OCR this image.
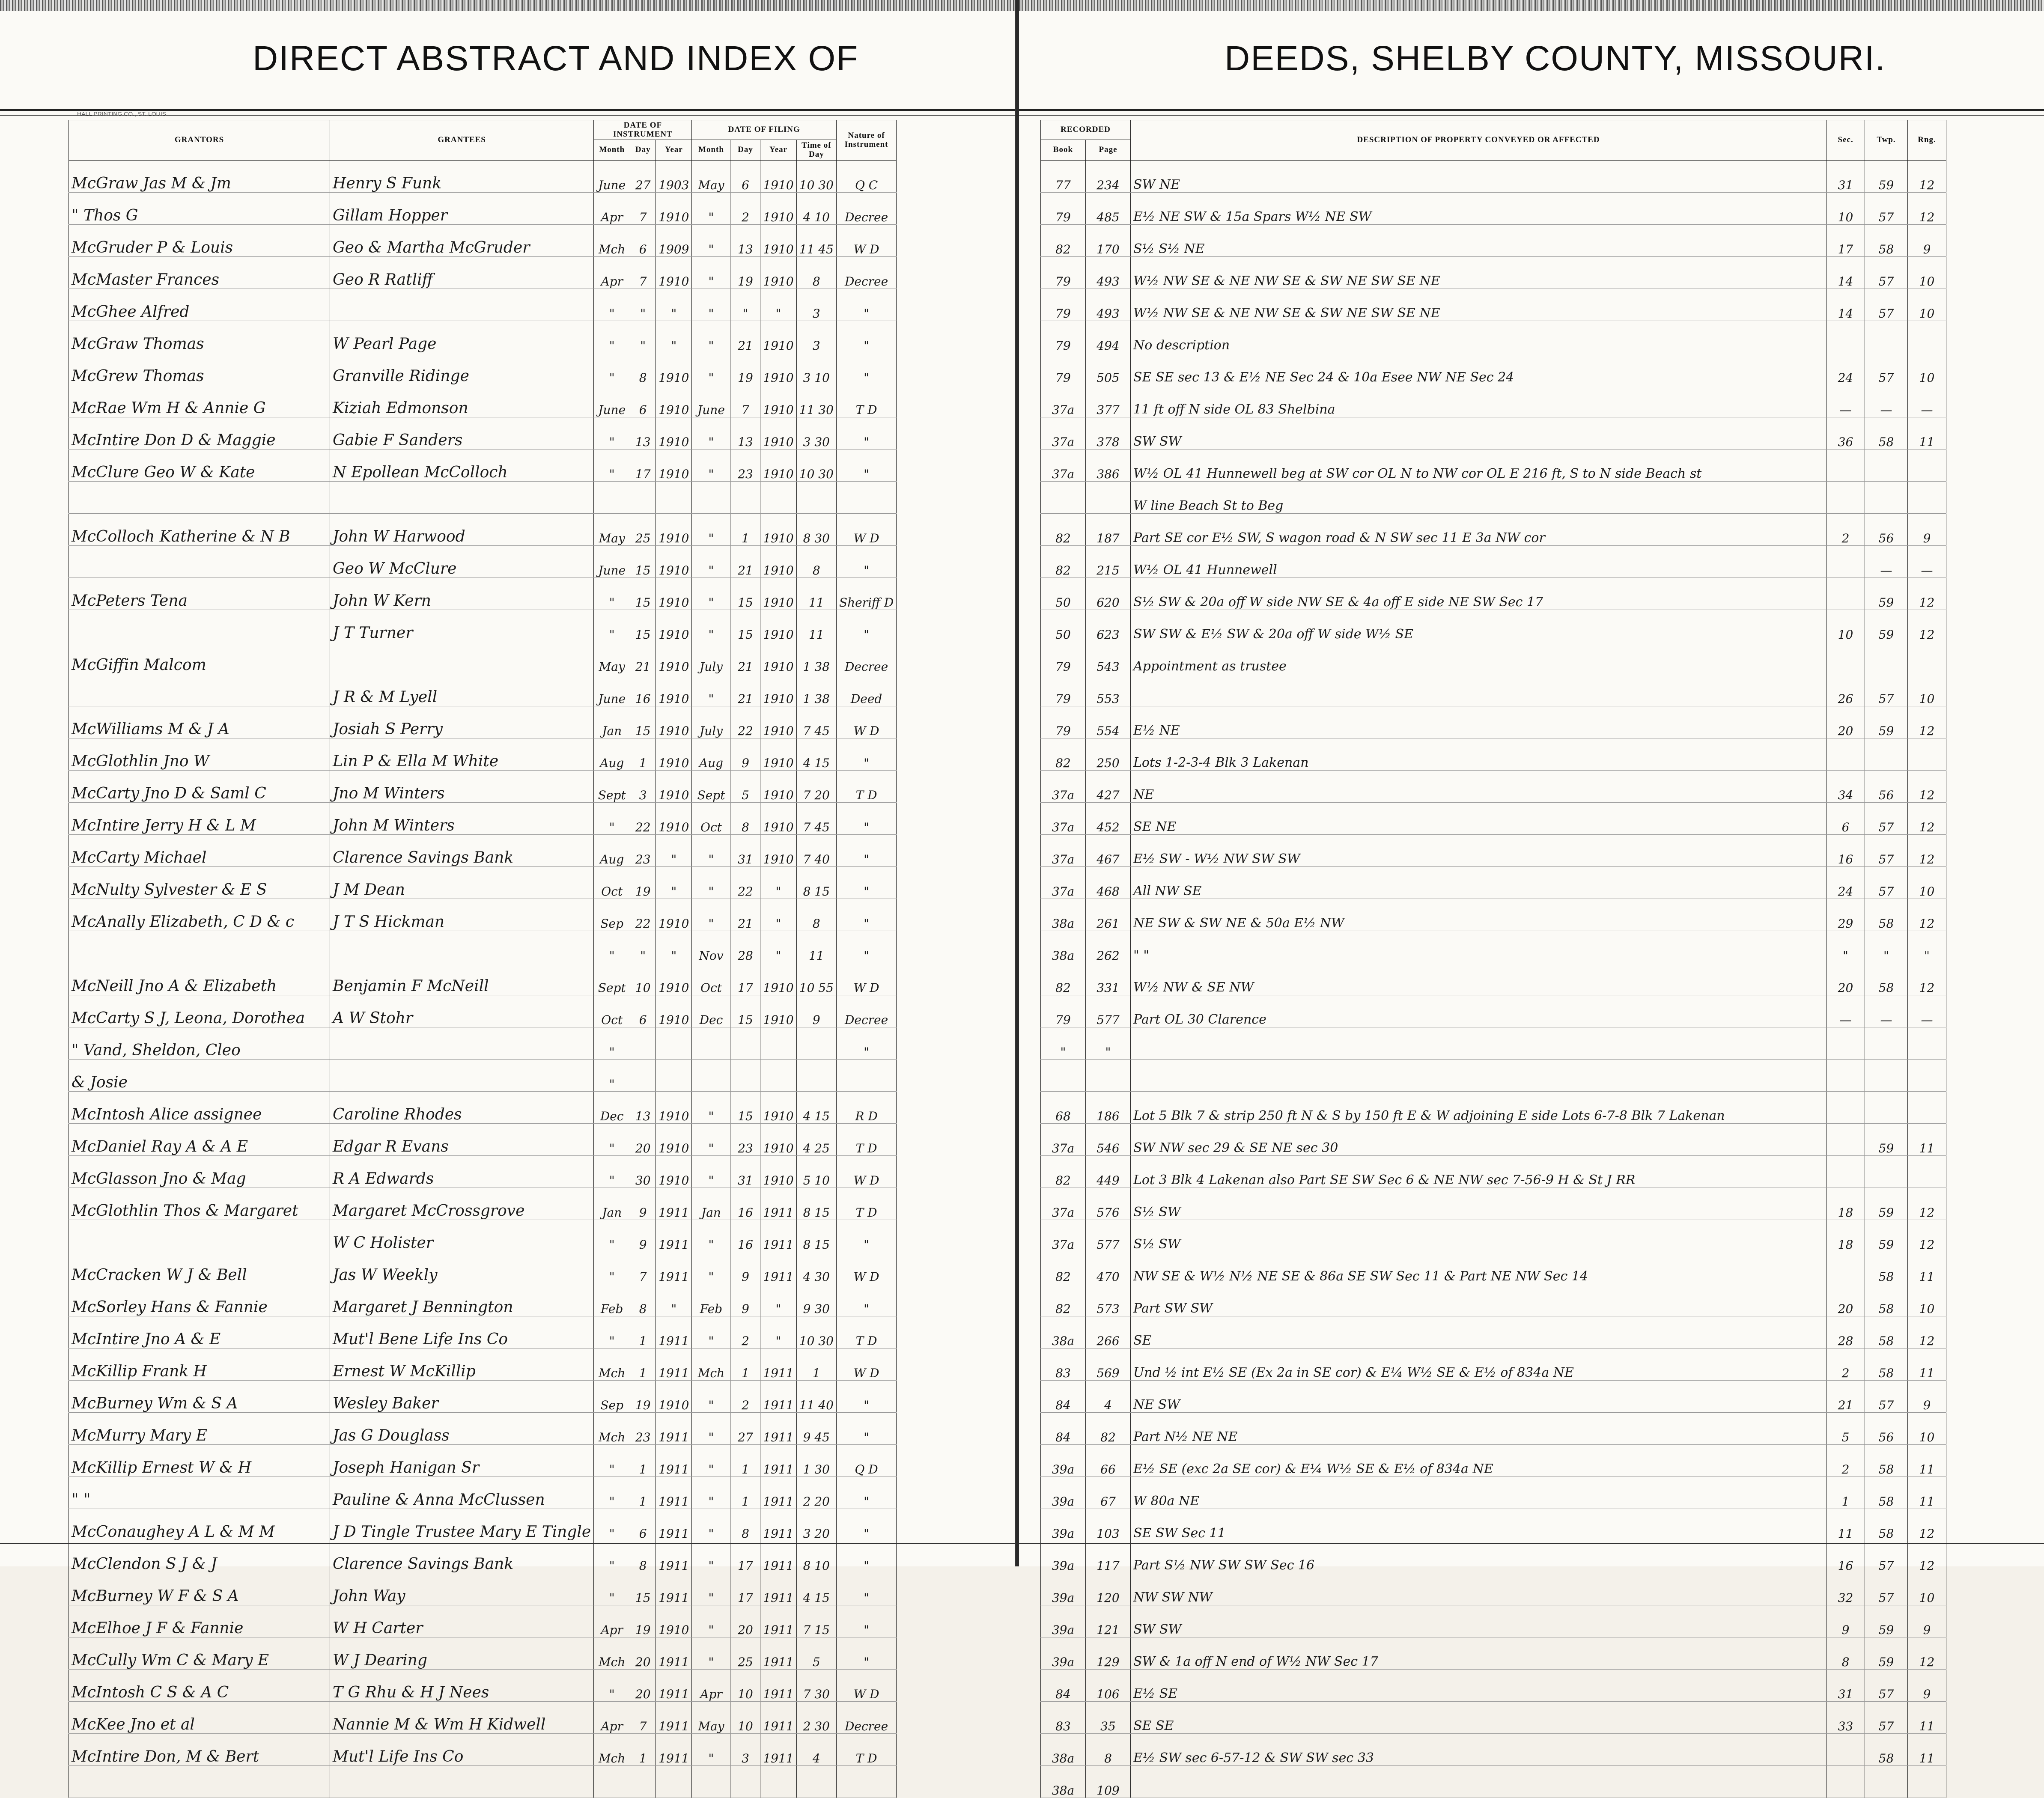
DIRECT ABSTRACT AND INDEX OF
HALL PRINTING CO., ST. LOUIS
GRANTORS	GRANTEES	DATE OF INSTRUMENT			DATE OF FILING				Nature of Instrument
		Month	Day	Year	Month	Day	Year	Time of Day	
McGraw Jas M & Jm	Henry S Funk	June	27	1903	May	6	1910	10 30	Q C
" Thos G	Gillam Hopper	Apr	7	1910	"	2	1910	4 10	Decree
McGruder P & Louis	Geo & Martha McGruder	Mch	6	1909	"	13	1910	11 45	W D
McMaster Frances	Geo R Ratliff	Apr	7	1910	"	19	1910	8	Decree
McGhee Alfred		"	"	"	"	"	"	3	"
McGraw Thomas	W Pearl Page	"	"	"	"	21	1910	3	"
McGrew Thomas	Granville Ridinge	"	8	1910	"	19	1910	3 10	"
McRae Wm H & Annie G	Kiziah Edmonson	June	6	1910	June	7	1910	11 30	T D
McIntire Don D & Maggie	Gabie F Sanders	"	13	1910	"	13	1910	3 30	"
McClure Geo W & Kate	N Epollean McColloch	"	17	1910	"	23	1910	10 30	"

McColloch Katherine & N B	John W Harwood	May	25	1910	"	1	1910	8 30	W D
	Geo W McClure	June	15	1910	"	21	1910	8	"
McPeters Tena	John W Kern	"	15	1910	"	15	1910	11	Sheriff D
	J T Turner	"	15	1910	"	15	1910	11	"
McGiffin Malcom		May	21	1910	July	21	1910	1 38	Decree
	J R & M Lyell	June	16	1910	"	21	1910	1 38	Deed
McWilliams M & J A	Josiah S Perry	Jan	15	1910	July	22	1910	7 45	W D
McGlothlin Jno W	Lin P & Ella M White	Aug	1	1910	Aug	9	1910	4 15	"
McCarty Jno D & Saml C	Jno M Winters	Sept	3	1910	Sept	5	1910	7 20	T D
McIntire Jerry H & L M	John M Winters	"	22	1910	Oct	8	1910	7 45	"
McCarty Michael	Clarence Savings Bank	Aug	23	"	"	31	1910	7 40	"
McNulty Sylvester & E S	J M Dean	Oct	19	"	"	22	"	8 15	"
McAnally Elizabeth, C D & c	J T S Hickman	Sep	22	1910	"	21	"	8	"
		"	"	"	Nov	28	"	11	"
McNeill Jno A & Elizabeth	Benjamin F McNeill	Sept	10	1910	Oct	17	1910	10 55	W D
McCarty S J, Leona, Dorothea	A W Stohr	Oct	6	1910	Dec	15	1910	9	Decree
" Vand, Sheldon, Cleo		"							"
& Josie		"							
McIntosh Alice assignee	Caroline Rhodes	Dec	13	1910	"	15	1910	4 15	R D
McDaniel Ray A & A E	Edgar R Evans	"	20	1910	"	23	1910	4 25	T D
McGlasson Jno & Mag	R A Edwards	"	30	1910	"	31	1910	5 10	W D
McGlothlin Thos & Margaret	Margaret McCrossgrove	Jan	9	1911	Jan	16	1911	8 15	T D
	W C Holister	"	9	1911	"	16	1911	8 15	"
McCracken W J & Bell	Jas W Weekly	"	7	1911	"	9	1911	4 30	W D
McSorley Hans & Fannie	Margaret J Bennington	Feb	8	"	Feb	9	"	9 30	"
McIntire Jno A & E	Mut'l Bene Life Ins Co	"	1	1911	"	2	"	10 30	T D
McKillip Frank H	Ernest W McKillip	Mch	1	1911	Mch	1	1911	1	W D
McBurney Wm & S A	Wesley Baker	Sep	19	1910	"	2	1911	11 40	"
McMurry Mary E	Jas G Douglass	Mch	23	1911	"	27	1911	9 45	"
McKillip Ernest W & H	Joseph Hanigan Sr	"	1	1911	"	1	1911	1 30	Q D
" "	Pauline & Anna McClussen	"	1	1911	"	1	1911	2 20	"
McConaughey A L & M M	J D Tingle Trustee Mary E Tingle	"	6	1911	"	8	1911	3 20	"
McClendon S J & J	Clarence Savings Bank	"	8	1911	"	17	1911	8 10	"
McBurney W F & S A	John Way	"	15	1911	"	17	1911	4 15	"
McElhoe J F & Fannie	W H Carter	Apr	19	1910	"	20	1911	7 15	"
McCully Wm C & Mary E	W J Dearing	Mch	20	1911	"	25	1911	5	"
McIntosh C S & A C	T G Rhu & H J Nees	"	20	1911	Apr	10	1911	7 30	W D
McKee Jno et al	Nannie M & Wm H Kidwell	Apr	7	1911	May	10	1911	2 30	Decree
McIntire Don, M & Bert	Mut'l Life Ins Co	Mch	1	1911	"	3	1911	4	T D

DEEDS, SHELBY COUNTY, MISSOURI.
RECORDED		DESCRIPTION OF PROPERTY CONVEYED OR AFFECTED	Sec.	Twp.	Rng.
Book	Page				
77	234	SW NE	31	59	12
79	485	E½ NE SW & 15a Spars W½ NE SW	10	57	12
82	170	S½ S½ NE	17	58	9
79	493	W½ NW SE & NE NW SE & SW NE SW SE NE	14	57	10
79	493	W½ NW SE & NE NW SE & SW NE SW SE NE	14	57	10
79	494	No description			
79	505	SE SE sec 13 & E½ NE Sec 24 & 10a Esee NW NE Sec 24	24	57	10
37a	377	11 ft off N side OL 83 Shelbina	—	—	—
37a	378	SW SW	36	58	11
37a	386	W½ OL 41 Hunnewell beg at SW cor OL N to NW cor OL E 216 ft, S to N side Beach st			
		W line Beach St to Beg			
82	187	Part SE cor E½ SW, S wagon road & N SW sec 11 E 3a NW cor	2	56	9
82	215	W½ OL 41 Hunnewell		—	—
50	620	S½ SW & 20a off W side NW SE & 4a off E side NE SW Sec 17		59	12
50	623	SW SW & E½ SW & 20a off W side W½ SE	10	59	12
79	543	Appointment as trustee			
79	553		26	57	10
79	554	E½ NE	20	59	12
82	250	Lots 1-2-3-4 Blk 3 Lakenan			
37a	427	NE	34	56	12
37a	452	SE NE	6	57	12
37a	467	E½ SW - W½ NW SW SW	16	57	12
37a	468	All NW SE	24	57	10
38a	261	NE SW & SW NE & 50a E½ NW	29	58	12
38a	262	" "	"	"	"
82	331	W½ NW & SE NW	20	58	12
79	577	Part OL 30 Clarence	—	—	—
"	"				

68	186	Lot 5 Blk 7 & strip 250 ft N & S by 150 ft E & W adjoining E side Lots 6-7-8 Blk 7 Lakenan			
37a	546	SW NW sec 29 & SE NE sec 30		59	11
82	449	Lot 3 Blk 4 Lakenan also Part SE SW Sec 6 & NE NW sec 7-56-9 H & St J RR			
37a	576	S½ SW	18	59	12
37a	577	S½ SW	18	59	12
82	470	NW SE & W½ N½ NE SE & 86a SE SW Sec 11 & Part NE NW Sec 14		58	11
82	573	Part SW SW	20	58	10
38a	266	SE	28	58	12
83	569	Und ½ int E½ SE (Ex 2a in SE cor) & E¼ W½ SE & E½ of 834a NE	2	58	11
84	4	NE SW	21	57	9
84	82	Part N½ NE NE	5	56	10
39a	66	E½ SE (exc 2a SE cor) & E¼ W½ SE & E½ of 834a NE	2	58	11
39a	67	W 80a NE	1	58	11
39a	103	SE SW Sec 11	11	58	12
39a	117	Part S½ NW SW SW Sec 16	16	57	12
39a	120	NW SW NW	32	57	10
39a	121	SW SW	9	59	9
39a	129	SW & 1a off N end of W½ NW Sec 17	8	59	12
84	106	E½ SE	31	57	9
83	35	SE SE	33	57	11
38a	8	E½ SW sec 6-57-12 & SW SW sec 33		58	11
38a	109				
